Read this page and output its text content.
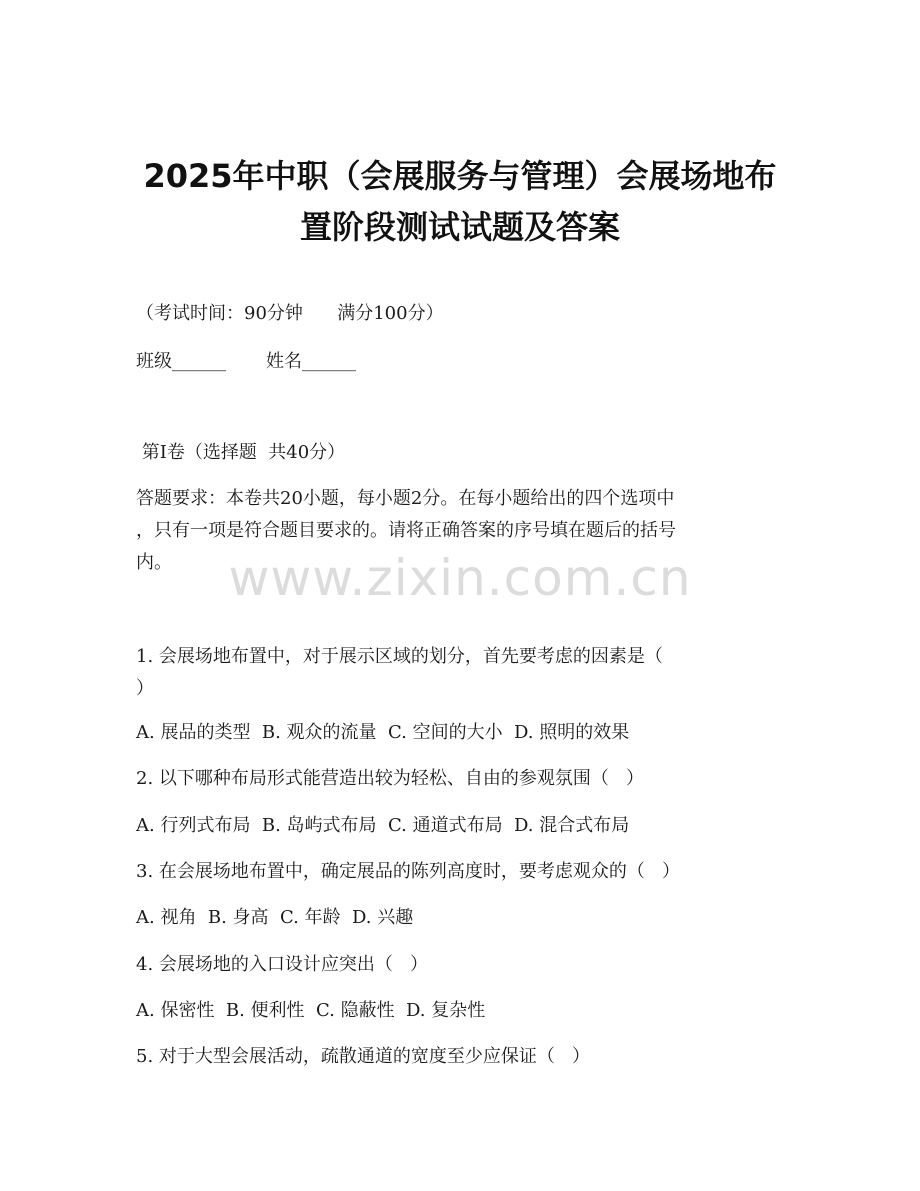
2025年中职（会展服务与管理）会展场地布
置阶段测试试题及答案
（考试时间：90分钟      满分100分）
班级______       姓名______
第I卷（选择题  共40分）
答题要求：本卷共20小题，每小题2分。在每小题给出的四个选项中
，只有一项是符合题目要求的。请将正确答案的序号填在题后的括号
内。	www.zixin.com.cn
1. 会展场地布置中，对于展示区域的划分，首先要考虑的因素是（
）
A. 展品的类型  B. 观众的流量  C. 空间的大小  D. 照明的效果
2. 以下哪种布局形式能营造出较为轻松、自由的参观氛围（   ）
A. 行列式布局  B. 岛屿式布局  C. 通道式布局  D. 混合式布局
3. 在会展场地布置中，确定展品的陈列高度时，要考虑观众的（   ）
A. 视角  B. 身高  C. 年龄  D. 兴趣
4. 会展场地的入口设计应突出（   ）
A. 保密性  B. 便利性  C. 隐蔽性  D. 复杂性
5. 对于大型会展活动，疏散通道的宽度至少应保证（   ）
